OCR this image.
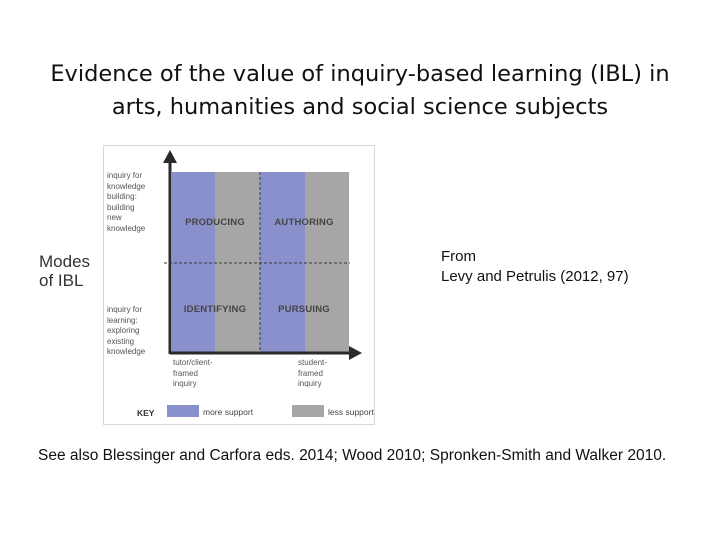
Evidence of the value of inquiry-based learning (IBL) in
arts, humanities and social science subjects
Modes
of IBL
PRODUCING	AUTHORING
IDENTIFYING	PURSUING
inquiry for
knowledge
building:
building
new
knowledge
inquiry for
learning:
exploring
existing
knowledge
tutor/client-
framed
inquiry
student-
framed
inquiry
KEY	more support	less support
From
Levy and Petrulis (2012, 97)
See also Blessinger and Carfora eds. 2014; Wood 2010; Spronken-Smith and Walker 2010.
